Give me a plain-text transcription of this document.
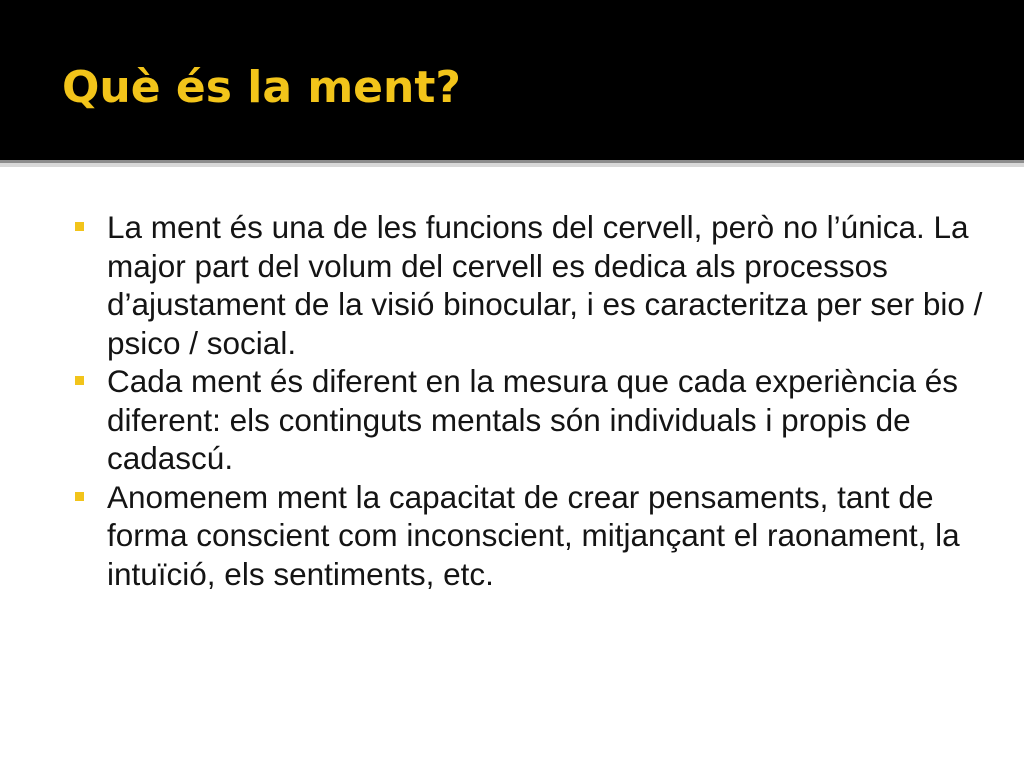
Què és la ment?
La ment és una de les funcions del cervell, però no l’única. La major part del volum del cervell es dedica als processos d’ajustament de la visió binocular, i es caracteritza per ser bio / psico / social.
Cada ment és diferent en la mesura que cada experiència és diferent: els continguts mentals són individuals i propis de cadascú.
Anomenem ment la capacitat de crear pensaments, tant de forma conscient com inconscient, mitjançant el raonament, la intuïció, els sentiments, etc.
